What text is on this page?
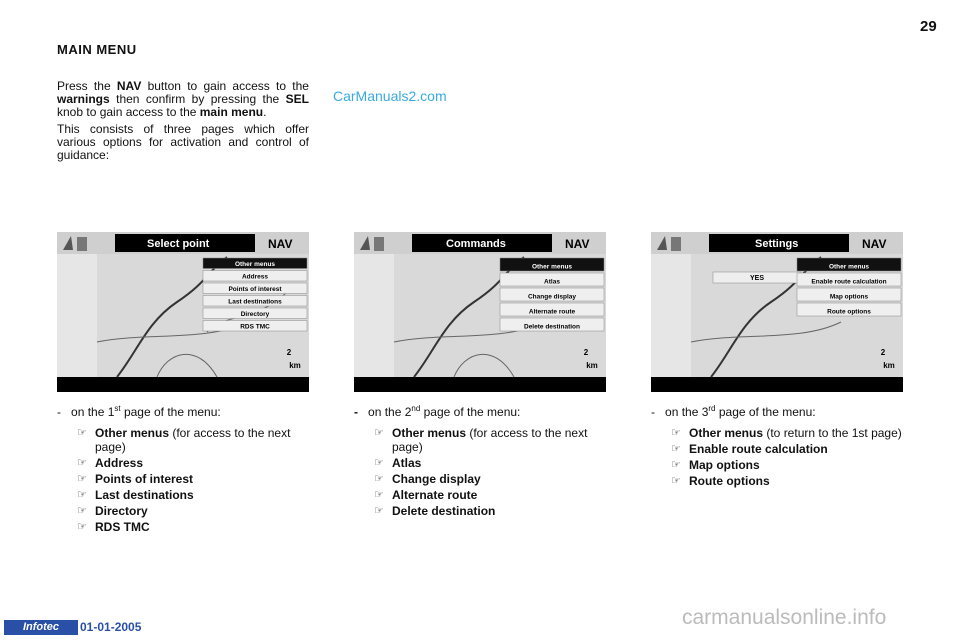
29
MAIN MENU

Press the NAV button to gain access to the warnings then confirm by pressing the SEL knob to gain access to the main menu.

This consists of three pages which offer various options for activation and control of guidance:

CarManuals2.com
Select point	NAV
Other menus
Address
Points of interest
Last destinations
Directory
RDS TMC
2
km
Commands	NAV
Other menus
Atlas
Change display
Alternate route
Delete destination
2
km
Settings	NAV
YES
Other menus
Enable route calculation
Map options
Route options
2
km
- on the 1st page of the menu:
☞ Other menus (for access to the next page)
☞ Address
☞ Points of interest
☞ Last destinations
☞ Directory
☞ RDS TMC
- on the 2nd page of the menu:
☞ Other menus (for access to the next page)
☞ Atlas
☞ Change display
☞ Alternate route
☞ Delete destination
- on the 3rd page of the menu:
☞ Other menus (to return to the 1st page)
☞ Enable route calculation
☞ Map options
☞ Route options
Infotec	01-01-2005	carmanualsonline.info
